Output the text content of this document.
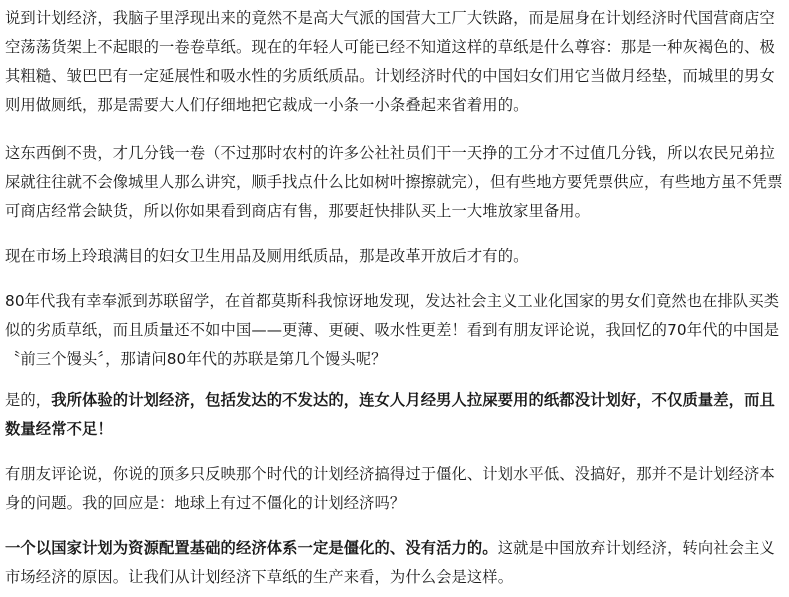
说到计划经济，我脑子里浮现出来的竟然不是高大气派的国营大工厂大铁路，而是屈身在计划经济时代国营商店空空荡荡货架上不起眼的一卷卷草纸。现在的年轻人可能已经不知道这样的草纸是什么尊容：那是一种灰褐色的、极其粗糙、皱巴巴有一定延展性和吸水性的劣质纸质品。计划经济时代的中国妇女们用它当做月经垫，而城里的男女则用做厕纸，那是需要大人们仔细地把它裁成一小条一小条叠起来省着用的。

这东西倒不贵，才几分钱一卷（不过那时农村的许多公社社员们干一天挣的工分才不过值几分钱，所以农民兄弟拉屎就往往就不会像城里人那么讲究，顺手找点什么比如树叶擦擦就完），但有些地方要凭票供应，有些地方虽不凭票可商店经常会缺货，所以你如果看到商店有售，那要赶快排队买上一大堆放家里备用。

现在市场上玲琅满目的妇女卫生用品及厕用纸质品，那是改革开放后才有的。

80年代我有幸奉派到苏联留学，在首都莫斯科我惊讶地发现，发达社会主义工业化国家的男女们竟然也在排队买类似的劣质草纸，而且质量还不如中国——更薄、更硬、吸水性更差！看到有朋友评论说，我回忆的70年代的中国是〝前三个馒头〞，那请问80年代的苏联是第几个馒头呢？

是的，我所体验的计划经济，包括发达的不发达的，连女人月经男人拉屎要用的纸都没计划好，不仅质量差，而且数量经常不足！

有朋友评论说，你说的顶多只反映那个时代的计划经济搞得过于僵化、计划水平低、没搞好，那并不是计划经济本身的问题。我的回应是：地球上有过不僵化的计划经济吗？

一个以国家计划为资源配置基础的经济体系一定是僵化的、没有活力的。这就是中国放弃计划经济，转向社会主义市场经济的原因。让我们从计划经济下草纸的生产来看，为什么会是这样。
